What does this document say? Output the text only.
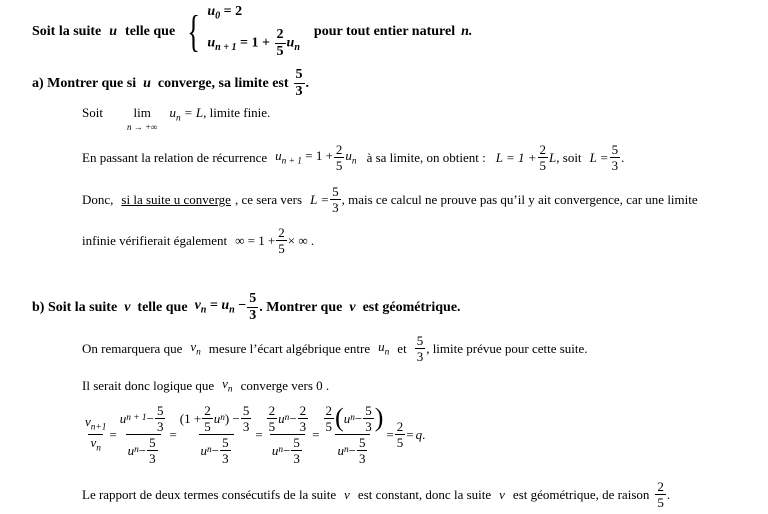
Soit la suite u telle que { $u_0 = 2$
$u_{n + 1} = 1 + \frac{2}{5} u_n$
pour tout entier naturel n.
a) Montrer que si u converge, sa limite est
5
3
.
Soit lim
n → +∞
$u_n = L$ , limite finie.
En passant la relation de récurrence $u_{n + 1} = 1 + \frac{2}{5} u_n$ à sa limite, on obtient : $L = 1 + \frac{2}{5}$ L , soit $L = \frac{5}{3}$ .
Donc, si la suite u converge , ce sera vers $L = \frac{5}{3}$ , mais ce calcul ne prouve pas qu’il y ait convergence, car une limite
infinie vérifierait également ∞ = $1 + \frac{2}{5}$ × ∞ .
b) Soit la suite v telle que $v_n = u_n - \frac{5}{3}$ . Montrer que v est géométrique.
On remarquera que $v_n$ mesure l’écart algébrique entre $u_n$ et
5
3
, limite prévue pour cette suite.
Il serait donc logique que $v_n$ converge vers 0 .
$\frac{v_{n+1}}{v_n} = \frac{u n + 1 - \frac{5}{3}}{u n - \frac{5}{3}} = \frac{(1 + \frac{2}{5} u n ) - \frac{5}{3}}{u n - \frac{5}{3}} = 2$
5
u $n - \frac{2}{3}$
u $n - \frac{5}{3} = 2$
5 ( u $n - \frac{5}{3}$ )
u $n - \frac{5}{3} = \frac{2}{5} = q$ .
Le rapport de deux termes consécutifs de la suite v est constant, donc la suite v est géométrique, de raison
2
5
.
